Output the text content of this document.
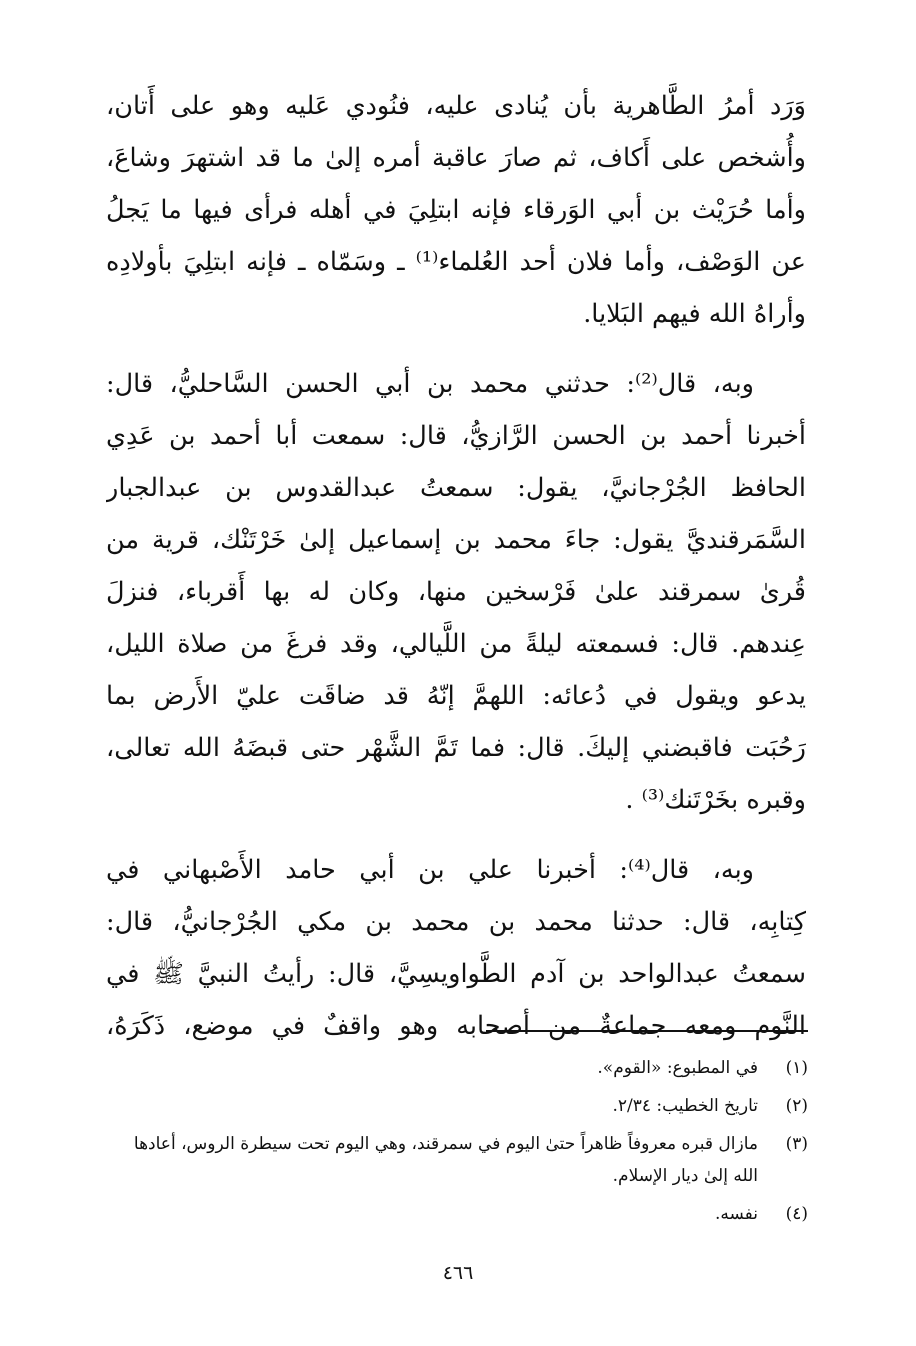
وَرَد أمرُ الطَّاهرية بأن يُنادى عليه، فنُودي عَليه وهو على أَتان،
وأُشخص على أَكاف، ثم صارَ عاقبة أمره إلىٰ ما قد اشتهرَ وشاعَ،
وأما حُرَيْث بن أبي الوَرقاء فإنه ابتلِيَ في أهله فرأى فيها ما يَجلُ
عن الوَصْف، وأما فلان أحد العُلماء⁽¹⁾ ـ وسَمّاه ـ فإنه ابتلِيَ بأولادِه
وأراهُ الله فيهم البَلايا.
وبه، قال⁽²⁾: حدثني محمد بن أبي الحسن السَّاحليُّ، قال:
أخبرنا أحمد بن الحسن الرَّازيُّ، قال: سمعت أبا أحمد بن عَدِي
الحافظ الجُرْجانيَّ، يقول: سمعتُ عبدالقدوس بن عبدالجبار
السَّمَرقنديَّ يقول: جاءَ محمد بن إسماعيل إلىٰ خَرْتَنْك، قرية من
قُرىٰ سمرقند علىٰ فَرْسخين منها، وكان له بها أَقرباء، فنزلَ
عِندهم. قال: فسمعته ليلةً من اللَّيالي، وقد فرغَ من صلاة الليل،
يدعو ويقول في دُعائه: اللهمَّ إنّهُ قد ضاقَت عليّ الأَرض بما
رَحُبَت فاقبضني إليكَ. قال: فما تَمَّ الشَّهْر حتى قبضَهُ الله تعالى،
وقبره بخَرْتَنك⁽³⁾ .
وبه، قال⁽⁴⁾: أخبرنا علي بن أبي حامد الأَصْبهاني في
كِتابِه، قال: حدثنا محمد بن محمد بن مكي الجُرْجانيُّ، قال:
سمعتُ عبدالواحد بن آدم الطَّواويسِيَّ، قال: رأيتُ النبيَّ ﷺ في
النَّوم ومعه جماعةٌ من أصحابه وهو واقفٌ في موضع، ذَكَرَهُ،
(١)
في المطبوع: «القوم».
(٢)
تاريخ الخطيب: ٢/٣٤.
(٣)
مازال قبره معروفاً ظاهراً حتىٰ اليوم في سمرقند، وهي اليوم تحت سيطرة الروس، أعادها
الله إلىٰ ديار الإسلام.
(٤)
نفسه.
٤٦٦
